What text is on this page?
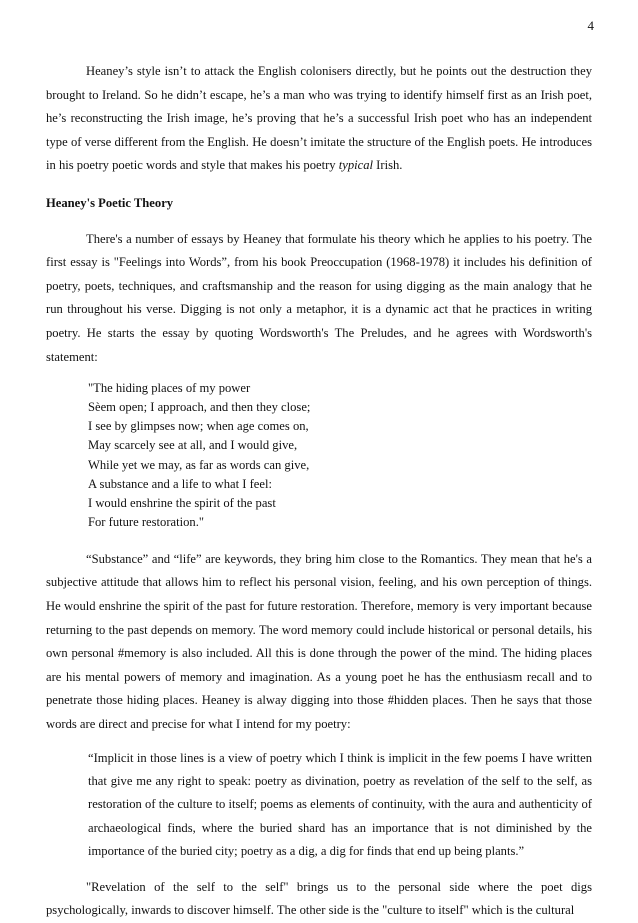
4

Heaney’s style isn’t to attack the English colonisers directly, but he points out the destruction they brought to Ireland. So he didn’t escape, he’s a man who was trying to identify himself first as an Irish poet, he’s reconstructing the Irish image, he’s proving that he’s a successful Irish poet who has an independent type of verse different from the English. He doesn’t imitate the structure of the English poets. He introduces in his poetry poetic words and style that makes his poetry typical Irish.

Heaney's Poetic Theory

There's a number of essays by Heaney that formulate his theory which he applies to his poetry. The first essay is "Feelings into Words”, from his book Preoccupation (1968-1978) it includes his definition of poetry, poets, techniques, and craftsmanship and the reason for using digging as the main analogy that he run throughout his verse. Digging is not only a metaphor, it is a dynamic act that he practices in writing poetry. He starts the essay by quoting Wordsworth's The Preludes, and he agrees with Wordsworth's statement:

"The hiding places of my power
Sèem open; I approach, and then they close;
I see by glimpses now; when age comes on,
May scarcely see at all, and I would give,
While yet we may, as far as words can give,
A substance and a life to what I feel:
I would enshrine the spirit of the past
For future restoration."

“Substance” and “life” are keywords, they bring him close to the Romantics. They mean that he's a subjective attitude that allows him to reflect his personal vision, feeling, and his own perception of things. He would enshrine the spirit of the past for future restoration. Therefore, memory is very important because returning to the past depends on memory. The word memory could include historical or personal details, his own personal #memory is also included. All this is done through the power of the mind. The hiding places are his mental powers of memory and imagination. As a young poet he has the enthusiasm recall and to penetrate those hiding places. Heaney is alway digging into those #hidden places. Then he says that those words are direct and precise for what I intend for my poetry:

“Implicit in those lines is a view of poetry which I think is implicit in the few poems I have written that give me any right to speak: poetry as divination, poetry as revelation of the self to the self, as restoration of the culture to itself; poems as elements of continuity, with the aura and authenticity of archaeological finds, where the buried shard has an importance that is not diminished by the importance of the buried city; poetry as a dig, a dig for finds that end up being plants.”

"Revelation of the self to the self" brings us to the personal side where the poet digs psychologically, inwards to discover himself. The other side is the "culture to itself" which is the cultural
